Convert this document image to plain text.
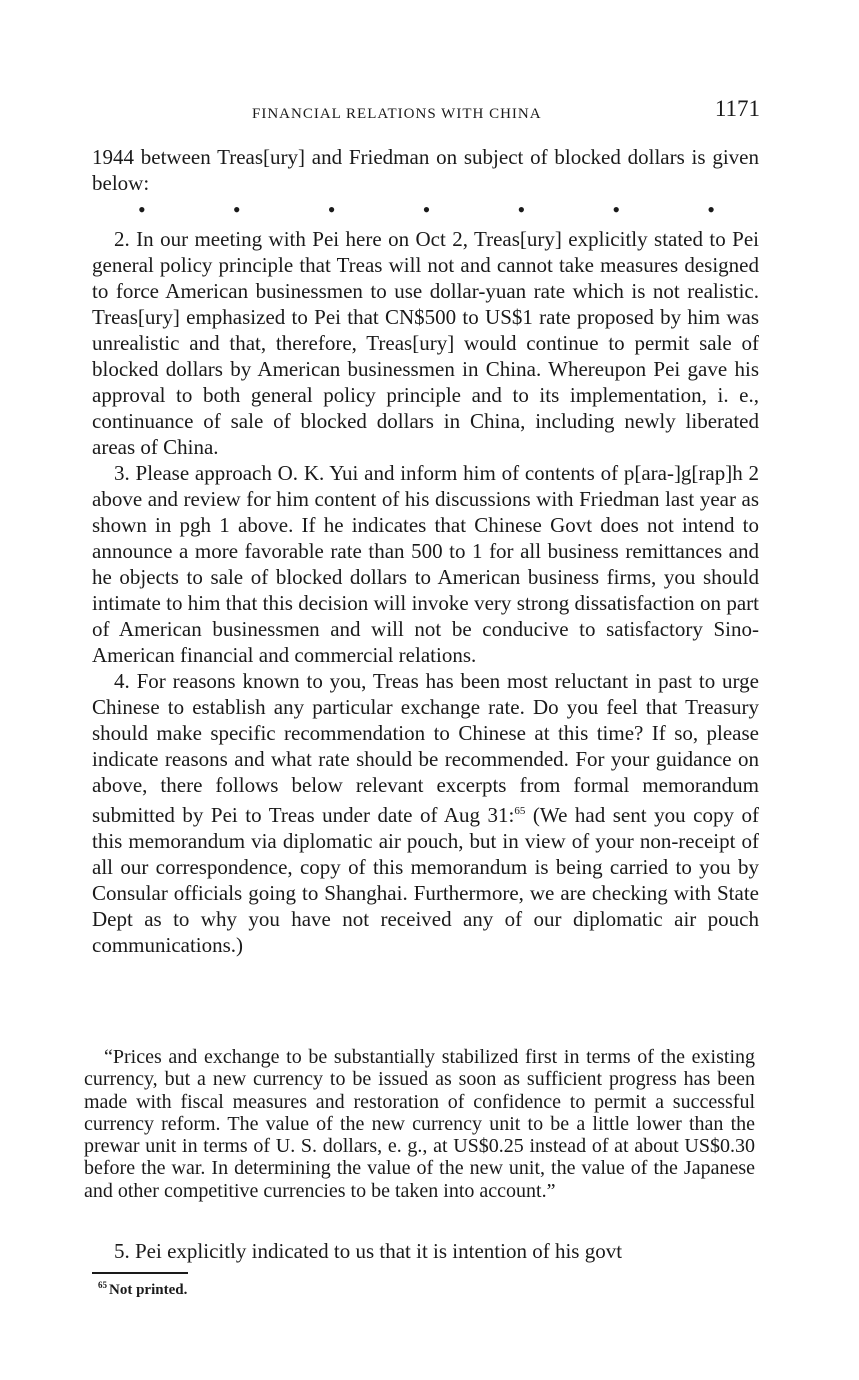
FINANCIAL RELATIONS WITH CHINA	1171

1944 between Treas[ury] and Friedman on subject of blocked dollars is given below:

•	•	•	•	•	•	•

2. In our meeting with Pei here on Oct 2, Treas[ury] explicitly stated to Pei general policy principle that Treas will not and cannot take measures designed to force American businessmen to use dollar-yuan rate which is not realistic. Treas[ury] emphasized to Pei that CN$500 to US$1 rate proposed by him was unrealistic and that, therefore, Treas[ury] would continue to permit sale of blocked dollars by American businessmen in China. Whereupon Pei gave his approval to both general policy principle and to its implementation, i. e., continuance of sale of blocked dollars in China, including newly liberated areas of China.

3. Please approach O. K. Yui and inform him of contents of p[ara-]g[rap]h 2 above and review for him content of his discussions with Friedman last year as shown in pgh 1 above. If he indicates that Chinese Govt does not intend to announce a more favorable rate than 500 to 1 for all business remittances and he objects to sale of blocked dollars to American business firms, you should intimate to him that this decision will invoke very strong dissatisfaction on part of American businessmen and will not be conducive to satisfactory Sino-American financial and commercial relations.

4. For reasons known to you, Treas has been most reluctant in past to urge Chinese to establish any particular exchange rate. Do you feel that Treasury should make specific recommendation to Chinese at this time? If so, please indicate reasons and what rate should be recommended. For your guidance on above, there follows below relevant excerpts from formal memorandum submitted by Pei to Treas under date of Aug 31:$^{65}$ (We had sent you copy of this memorandum via diplomatic air pouch, but in view of your non-receipt of all our correspondence, copy of this memorandum is being carried to you by Consular officials going to Shanghai. Furthermore, we are checking with State Dept as to why you have not received any of our diplomatic air pouch communications.)

“Prices and exchange to be substantially stabilized first in terms of the existing currency, but a new currency to be issued as soon as sufficient progress has been made with fiscal measures and restoration of confidence to permit a successful currency reform. The value of the new currency unit to be a little lower than the prewar unit in terms of U. S. dollars, e. g., at US$0.25 instead of at about US$0.30 before the war. In determining the value of the new unit, the value of the Japanese and other competitive currencies to be taken into account.”

5. Pei explicitly indicated to us that it is intention of his govt

$^{65}$ Not printed.
